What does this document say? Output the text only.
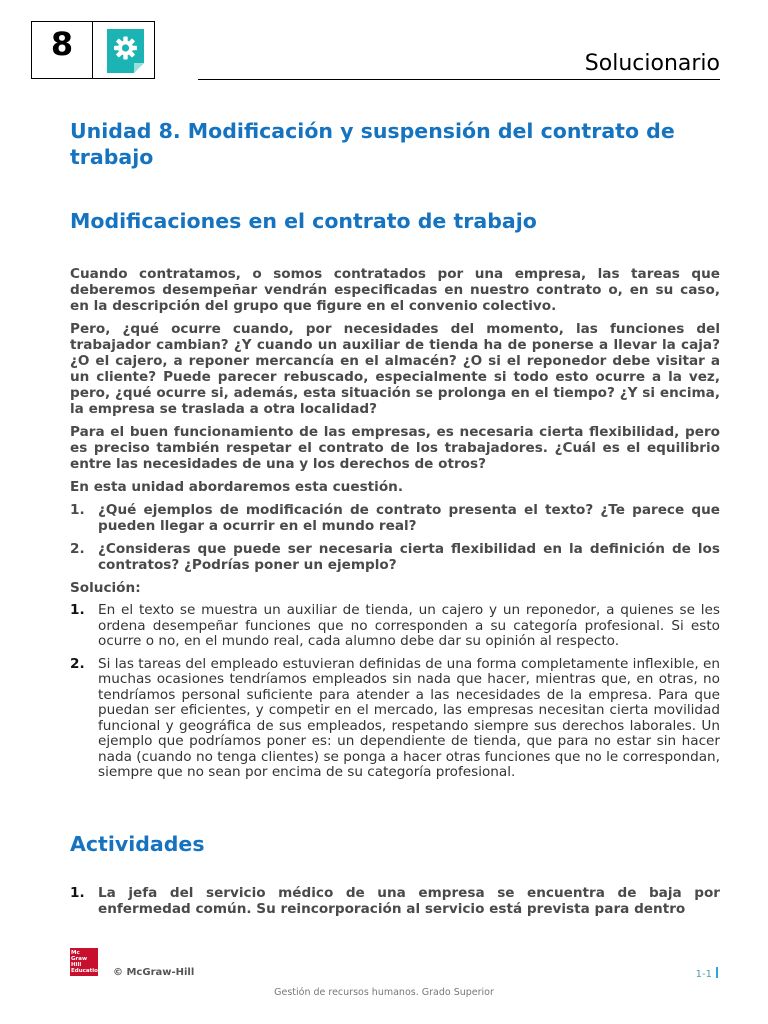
8
Solucionario
Unidad 8. Modificación y suspensión del contrato de trabajo
Modificaciones en el contrato de trabajo

Cuando contratamos, o somos contratados por una empresa, las tareas que deberemos desempeñar vendrán especificadas en nuestro contrato o, en su caso, en la descripción del grupo que figure en el convenio colectivo.

Pero, ¿qué ocurre cuando, por necesidades del momento, las funciones del trabajador cambian? ¿Y cuando un auxiliar de tienda ha de ponerse a llevar la caja? ¿O el cajero, a reponer mercancía en el almacén? ¿O si el reponedor debe visitar a un cliente? Puede parecer rebuscado, especialmente si todo esto ocurre a la vez, pero, ¿qué ocurre si, además, esta situación se prolonga en el tiempo? ¿Y si encima, la empresa se traslada a otra localidad?

Para el buen funcionamiento de las empresas, es necesaria cierta flexibilidad, pero es preciso también respetar el contrato de los trabajadores. ¿Cuál es el equilibrio entre las necesidades de una y los derechos de otros?

En esta unidad abordaremos esta cuestión.

1. ¿Qué ejemplos de modificación de contrato presenta el texto? ¿Te parece que pueden llegar a ocurrir en el mundo real?
2. ¿Consideras que puede ser necesaria cierta flexibilidad en la definición de los contratos? ¿Podrías poner un ejemplo?

Solución:

1. En el texto se muestra un auxiliar de tienda, un cajero y un reponedor, a quienes se les ordena desempeñar funciones que no corresponden a su categoría profesional. Si esto ocurre o no, en el mundo real, cada alumno debe dar su opinión al respecto.
2. Si las tareas del empleado estuvieran definidas de una forma completamente inflexible, en muchas ocasiones tendríamos empleados sin nada que hacer, mientras que, en otras, no tendríamos personal suficiente para atender a las necesidades de la empresa. Para que puedan ser eficientes, y competir en el mercado, las empresas necesitan cierta movilidad funcional y geográfica de sus empleados, respetando siempre sus derechos laborales. Un ejemplo que podríamos poner es: un dependiente de tienda, que para no estar sin hacer nada (cuando no tenga clientes) se ponga a hacer otras funciones que no le correspondan, siempre que no sean por encima de su categoría profesional.
Actividades
1. La jefa del servicio médico de una empresa se encuentra de baja por enfermedad común. Su reincorporación al servicio está prevista para dentro
Mc Graw Hill Education © McGraw-Hill	1-1
Gestión de recursos humanos. Grado Superior
